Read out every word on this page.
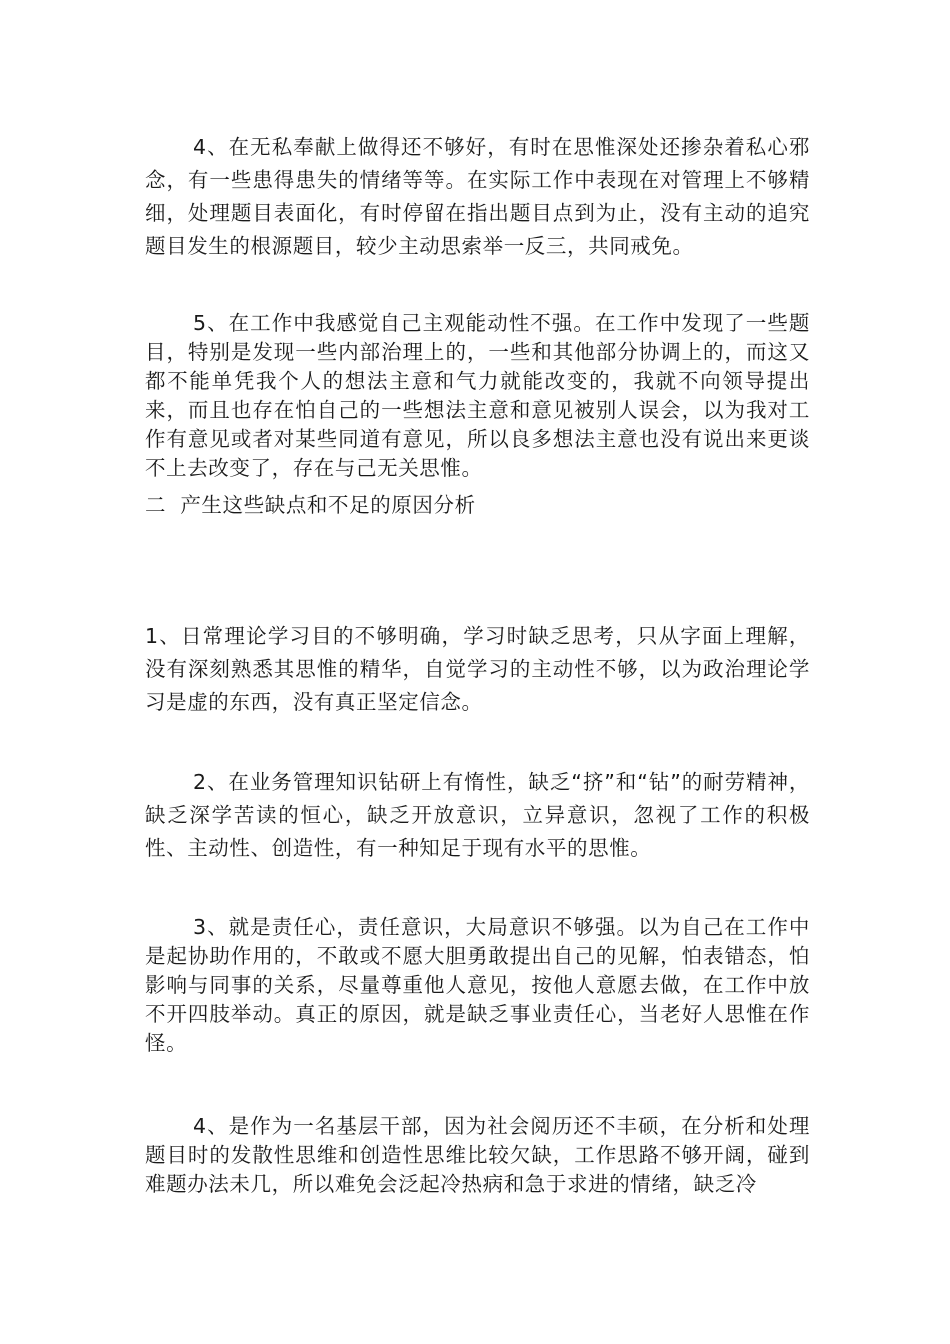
4、在无私奉献上做得还不够好，有时在思惟深处还掺杂着私心邪念，有一些患得患失的情绪等等。在实际工作中表现在对管理上不够精细，处理题目表面化，有时停留在指出题目点到为止，没有主动的追究题目发生的根源题目，较少主动思索举一反三，共同戒免。

5、在工作中我感觉自己主观能动性不强。在工作中发现了一些题目，特别是发现一些内部治理上的，一些和其他部分协调上的，而这又都不能单凭我个人的想法主意和气力就能改变的，我就不向领导提出来，而且也存在怕自己的一些想法主意和意见被别人误会，以为我对工作有意见或者对某些同道有意见，所以良多想法主意也没有说出来更谈不上去改变了，存在与己无关思惟。

二  产生这些缺点和不足的原因分析

1、日常理论学习目的不够明确，学习时缺乏思考，只从字面上理解，没有深刻熟悉其思惟的精华，自觉学习的主动性不够，以为政治理论学习是虚的东西，没有真正坚定信念。

2、在业务管理知识钻研上有惰性，缺乏“挤”和“钻”的耐劳精神，缺乏深学苦读的恒心，缺乏开放意识，立异意识，忽视了工作的积极性、主动性、创造性，有一种知足于现有水平的思惟。

3、就是责任心，责任意识，大局意识不够强。以为自己在工作中是起协助作用的，不敢或不愿大胆勇敢提出自己的见解，怕表错态，怕影响与同事的关系，尽量尊重他人意见，按他人意愿去做，在工作中放不开四肢举动。真正的原因，就是缺乏事业责任心，当老好人思惟在作怪。

4、是作为一名基层干部，因为社会阅历还不丰硕，在分析和处理题目时的发散性思维和创造性思维比较欠缺，工作思路不够开阔，碰到难题办法未几，所以难免会泛起冷热病和急于求进的情绪，缺乏冷
